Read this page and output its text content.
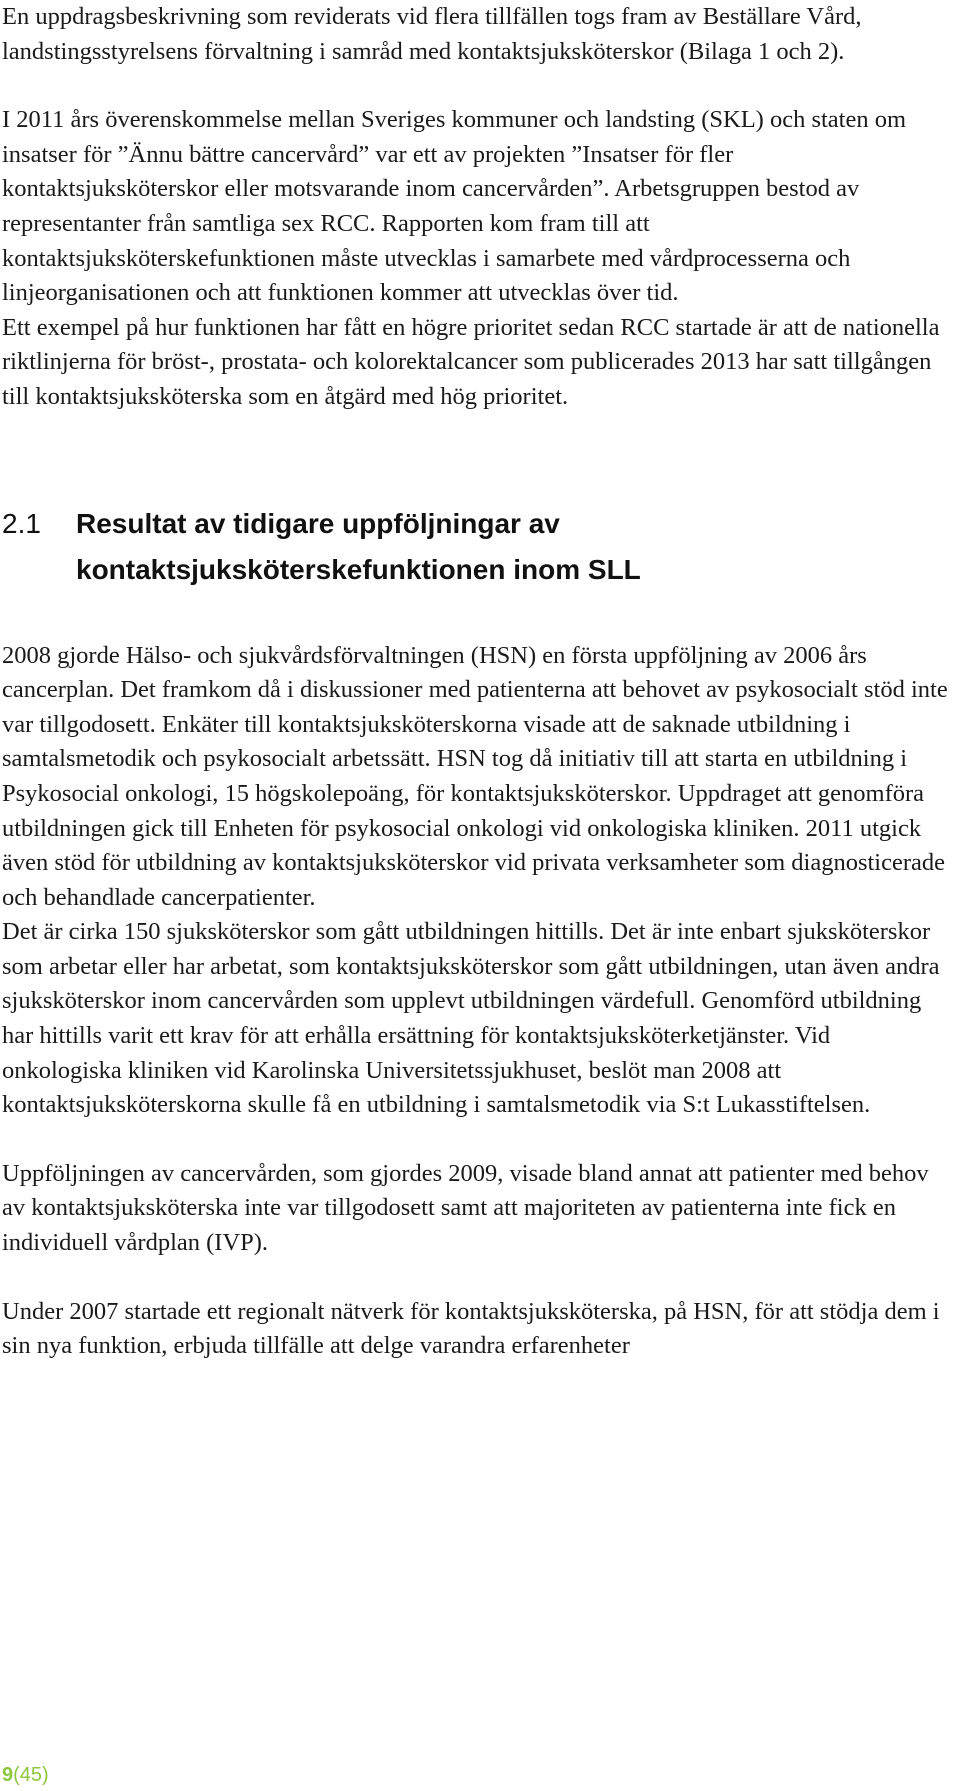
En uppdragsbeskrivning som reviderats vid flera tillfällen togs fram av Beställare Vård, landstingsstyrelsens förvaltning i samråd med kontaktsjuksköterskor (Bilaga 1 och 2).

I 2011 års överenskommelse mellan Sveriges kommuner och landsting (SKL) och staten om insatser för ”Ännu bättre cancervård” var ett av projekten ”Insatser för fler kontaktsjuksköterskor eller motsvarande inom cancervården”. Arbetsgruppen bestod av representanter från samtliga sex RCC. Rapporten kom fram till att kontaktsjuksköterskefunktionen måste utvecklas i samarbete med vårdprocesserna och linjeorganisationen och att funktionen kommer att utvecklas över tid.

Ett exempel på hur funktionen har fått en högre prioritet sedan RCC startade är att de nationella riktlinjerna för bröst-, prostata- och kolorektalcancer som publicerades 2013 har satt tillgången till kontaktsjuksköterska som en åtgärd med hög prioritet.

2.1	Resultat av tidigare uppföljningar av kontaktsjuksköterskefunktionen inom SLL

2008 gjorde Hälso- och sjukvårdsförvaltningen (HSN) en första uppföljning av 2006 års cancerplan. Det framkom då i diskussioner med patienterna att behovet av psykosocialt stöd inte var tillgodosett. Enkäter till kontaktsjuksköterskorna visade att de saknade utbildning i samtalsmetodik och psykosocialt arbetssätt. HSN tog då initiativ till att starta en utbildning i Psykosocial onkologi, 15 högskolepoäng, för kontaktsjuksköterskor. Uppdraget att genomföra utbildningen gick till Enheten för psykosocial onkologi vid onkologiska kliniken. 2011 utgick även stöd för utbildning av kontaktsjuksköterskor vid privata verksamheter som diagnosticerade och behandlade cancerpatienter.

Det är cirka 150 sjuksköterskor som gått utbildningen hittills. Det är inte enbart sjuksköterskor som arbetar eller har arbetat, som kontaktsjuksköterskor som gått utbildningen, utan även andra sjuksköterskor inom cancervården som upplevt utbildningen värdefull. Genomförd utbildning har hittills varit ett krav för att erhålla ersättning för kontaktsjuksköterketjänster. Vid onkologiska kliniken vid Karolinska Universitetssjukhuset, beslöt man 2008 att kontaktsjuksköterskorna skulle få en utbildning i samtalsmetodik via S:t Lukasstiftelsen.

Uppföljningen av cancervården, som gjordes 2009, visade bland annat att patienter med behov av kontaktsjuksköterska inte var tillgodosett samt att majoriteten av patienterna inte fick en individuell vårdplan (IVP).

Under 2007 startade ett regionalt nätverk för kontaktsjuksköterska, på HSN, för att stödja dem i sin nya funktion, erbjuda tillfälle att delge varandra erfarenheter

9(45)
